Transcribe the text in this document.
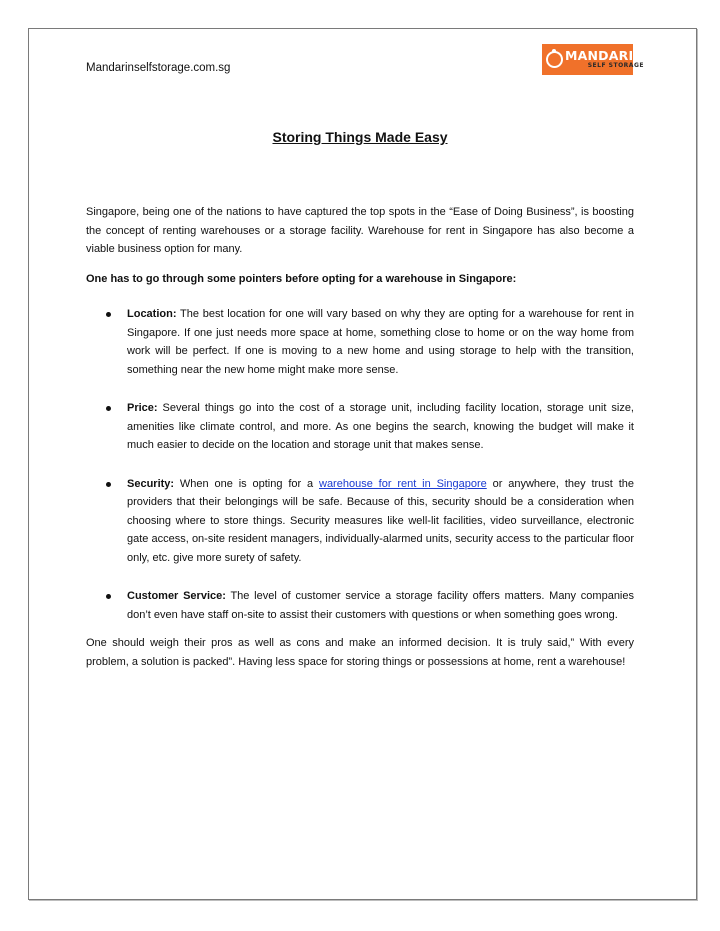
Mandarinselfstorage.com.sg
MANDARIN
SELF STORAGE
Storing Things Made Easy

Singapore, being one of the nations to have captured the top spots in the “Ease of Doing Business”, is boosting the concept of renting warehouses or a storage facility. Warehouse for rent in Singapore has also become a viable business option for many.

One has to go through some pointers before opting for a warehouse in Singapore:

Location: The best location for one will vary based on why they are opting for a warehouse for rent in Singapore. If one just needs more space at home, something close to home or on the way home from work will be perfect. If one is moving to a new home and using storage to help with the transition, something near the new home might make more sense.
Price: Several things go into the cost of a storage unit, including facility location, storage unit size, amenities like climate control, and more. As one begins the search, knowing the budget will make it much easier to decide on the location and storage unit that makes sense.
Security: When one is opting for a warehouse for rent in Singapore or anywhere, they trust the providers that their belongings will be safe. Because of this, security should be a consideration when choosing where to store things. Security measures like well-lit facilities, video surveillance, electronic gate access, on-site resident managers, individually-alarmed units, security access to the particular floor only, etc. give more surety of safety.
Customer Service: The level of customer service a storage facility offers matters. Many companies don’t even have staff on-site to assist their customers with questions or when something goes wrong.

One should weigh their pros as well as cons and make an informed decision. It is truly said,” With every problem, a solution is packed”. Having less space for storing things or possessions at home, rent a warehouse!
